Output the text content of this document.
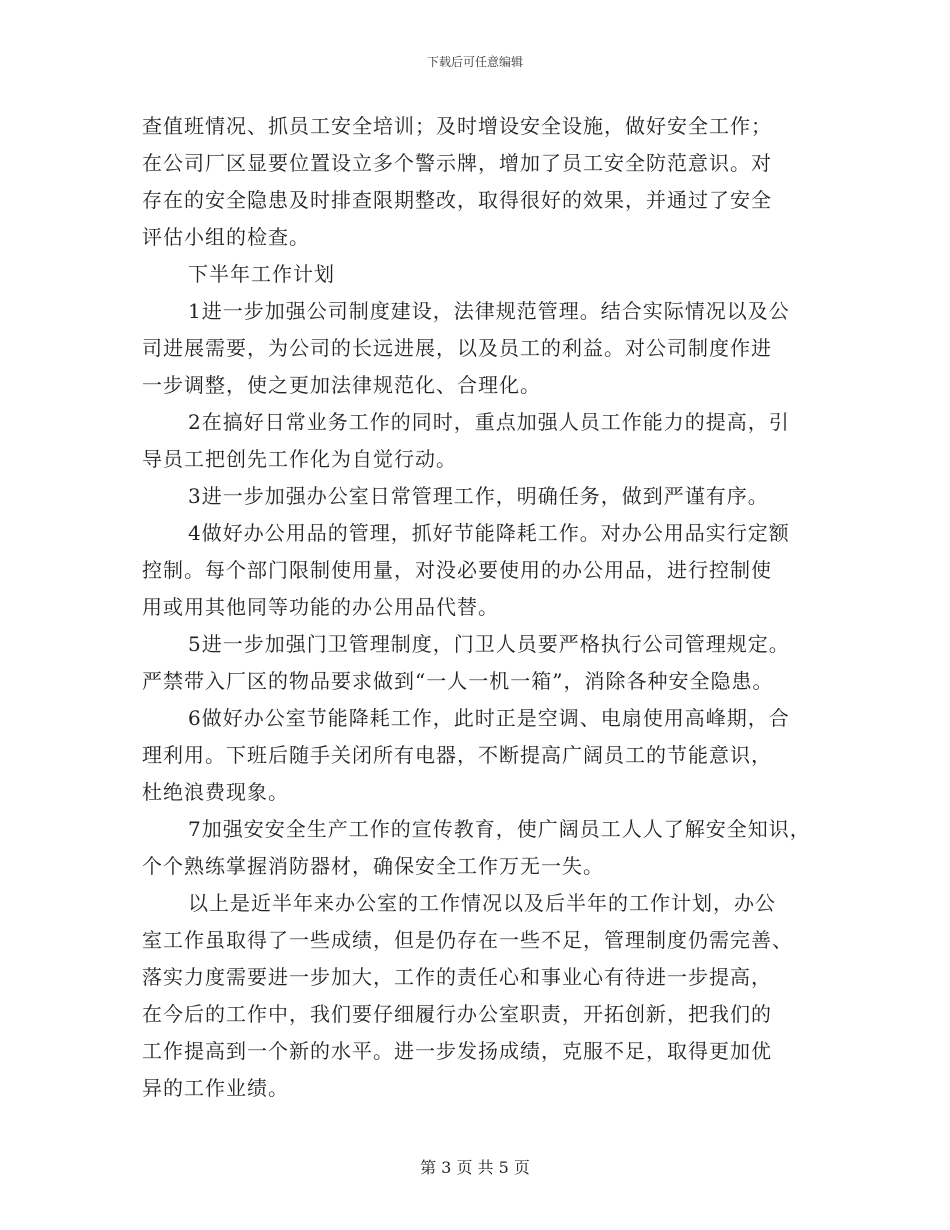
下载后可任意编辑
查值班情况、抓员工安全培训；及时增设安全设施，做好安全工作；
在公司厂区显要位置设立多个警示牌，增加了员工安全防范意识。对
存在的安全隐患及时排查限期整改，取得很好的效果，并通过了安全
评估小组的检查。
下半年工作计划
1进一步加强公司制度建设，法律规范管理。结合实际情况以及公
司进展需要，为公司的长远进展，以及员工的利益。对公司制度作进
一步调整，使之更加法律规范化、合理化。
2在搞好日常业务工作的同时，重点加强人员工作能力的提高，引
导员工把创先工作化为自觉行动。
3进一步加强办公室日常管理工作，明确任务，做到严谨有序。
4做好办公用品的管理，抓好节能降耗工作。对办公用品实行定额
控制。每个部门限制使用量，对没必要使用的办公用品，进行控制使
用或用其他同等功能的办公用品代替。
5进一步加强门卫管理制度，门卫人员要严格执行公司管理规定。
严禁带入厂区的物品要求做到“一人一机一箱”，消除各种安全隐患。
6做好办公室节能降耗工作，此时正是空调、电扇使用高峰期，合
理利用。下班后随手关闭所有电器，不断提高广阔员工的节能意识，
杜绝浪费现象。
7加强安安全生产工作的宣传教育，使广阔员工人人了解安全知识，
个个熟练掌握消防器材，确保安全工作万无一失。
以上是近半年来办公室的工作情况以及后半年的工作计划，办公
室工作虽取得了一些成绩，但是仍存在一些不足，管理制度仍需完善、
落实力度需要进一步加大，工作的责任心和事业心有待进一步提高，
在今后的工作中，我们要仔细履行办公室职责，开拓创新，把我们的
工作提高到一个新的水平。进一步发扬成绩，克服不足，取得更加优
异的工作业绩。
第 3 页 共 5 页
